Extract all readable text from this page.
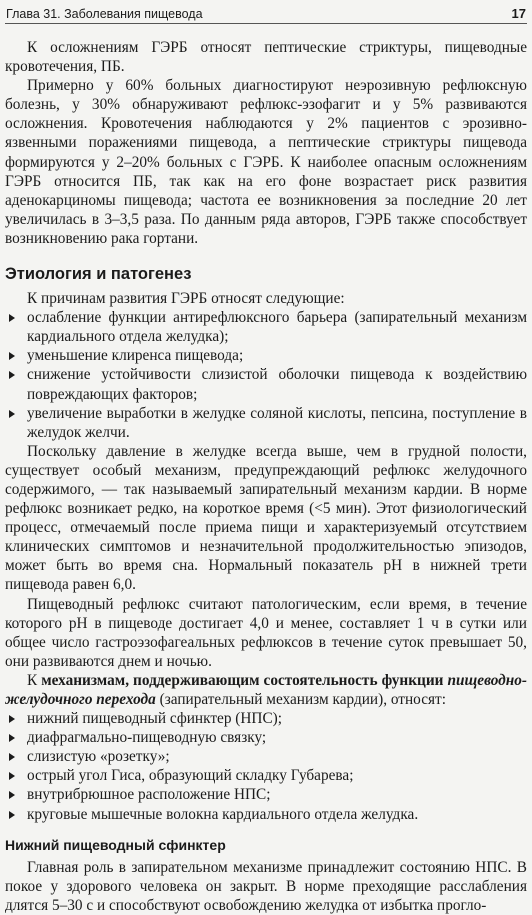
Глава 31. Заболевания пищевода	17

К осложнениям ГЭРБ относят пептические стриктуры, пищеводные кровотечения, ПБ.

Примерно у 60% больных диагностируют неэрозивную рефлюксную болезнь, у 30% обнаруживают рефлюкс-эзофагит и у 5% развиваются осложнения. Кровотечения наблюдаются у 2% пациентов с эрозивно-язвенными поражениями пищевода, а пептические стриктуры пищевода формируются у 2–20% больных с ГЭРБ. К наиболее опасным осложнениям ГЭРБ относится ПБ, так как на его фоне возрастает риск развития аденокарциномы пищевода; частота ее возникновения за последние 20 лет увеличилась в 3–3,5 раза. По данным ряда авторов, ГЭРБ также способствует возникновению рака гортани.

Этиология и патогенез

К причинам развития ГЭРБ относят следующие:

ослабление функции антирефлюксного барьера (запирательный механизм кардиального отдела желудка);
уменьшение клиренса пищевода;
снижение устойчивости слизистой оболочки пищевода к воздействию повреждающих факторов;
увеличение выработки в желудке соляной кислоты, пепсина, поступление в желудок желчи.

Поскольку давление в желудке всегда выше, чем в грудной полости, существует особый механизм, предупреждающий рефлюкс желудочного содержимого, — так называемый запирательный механизм кардии. В норме рефлюкс возникает редко, на короткое время (<5 мин). Этот физиологический процесс, отмечаемый после приема пищи и характеризуемый отсутствием клинических симптомов и незначительной продолжительностью эпизодов, может быть во время сна. Нормальный показатель pH в нижней трети пищевода равен 6,0.

Пищеводный рефлюкс считают патологическим, если время, в течение которого pH в пищеводе достигает 4,0 и менее, составляет 1 ч в сутки или общее число гастроэзофагеальных рефлюксов в течение суток превышает 50, они развиваются днем и ночью.

К механизмам, поддерживающим состоятельность функции пищеводно-желудочного перехода (запирательный механизм кардии), относят:

нижний пищеводный сфинктер (НПС);
диафрагмально-пищеводную связку;
слизистую «розетку»;
острый угол Гиса, образующий складку Губарева;
внутрибрюшное расположение НПС;
круговые мышечные волокна кардиального отдела желудка.
Нижний пищеводный сфинктер

Главная роль в запирательном механизме принадлежит состоянию НПС. В покое у здорового человека он закрыт. В норме преходящие расслабления длятся 5–30 с и способствуют освобождению желудка от избытка прогло-
